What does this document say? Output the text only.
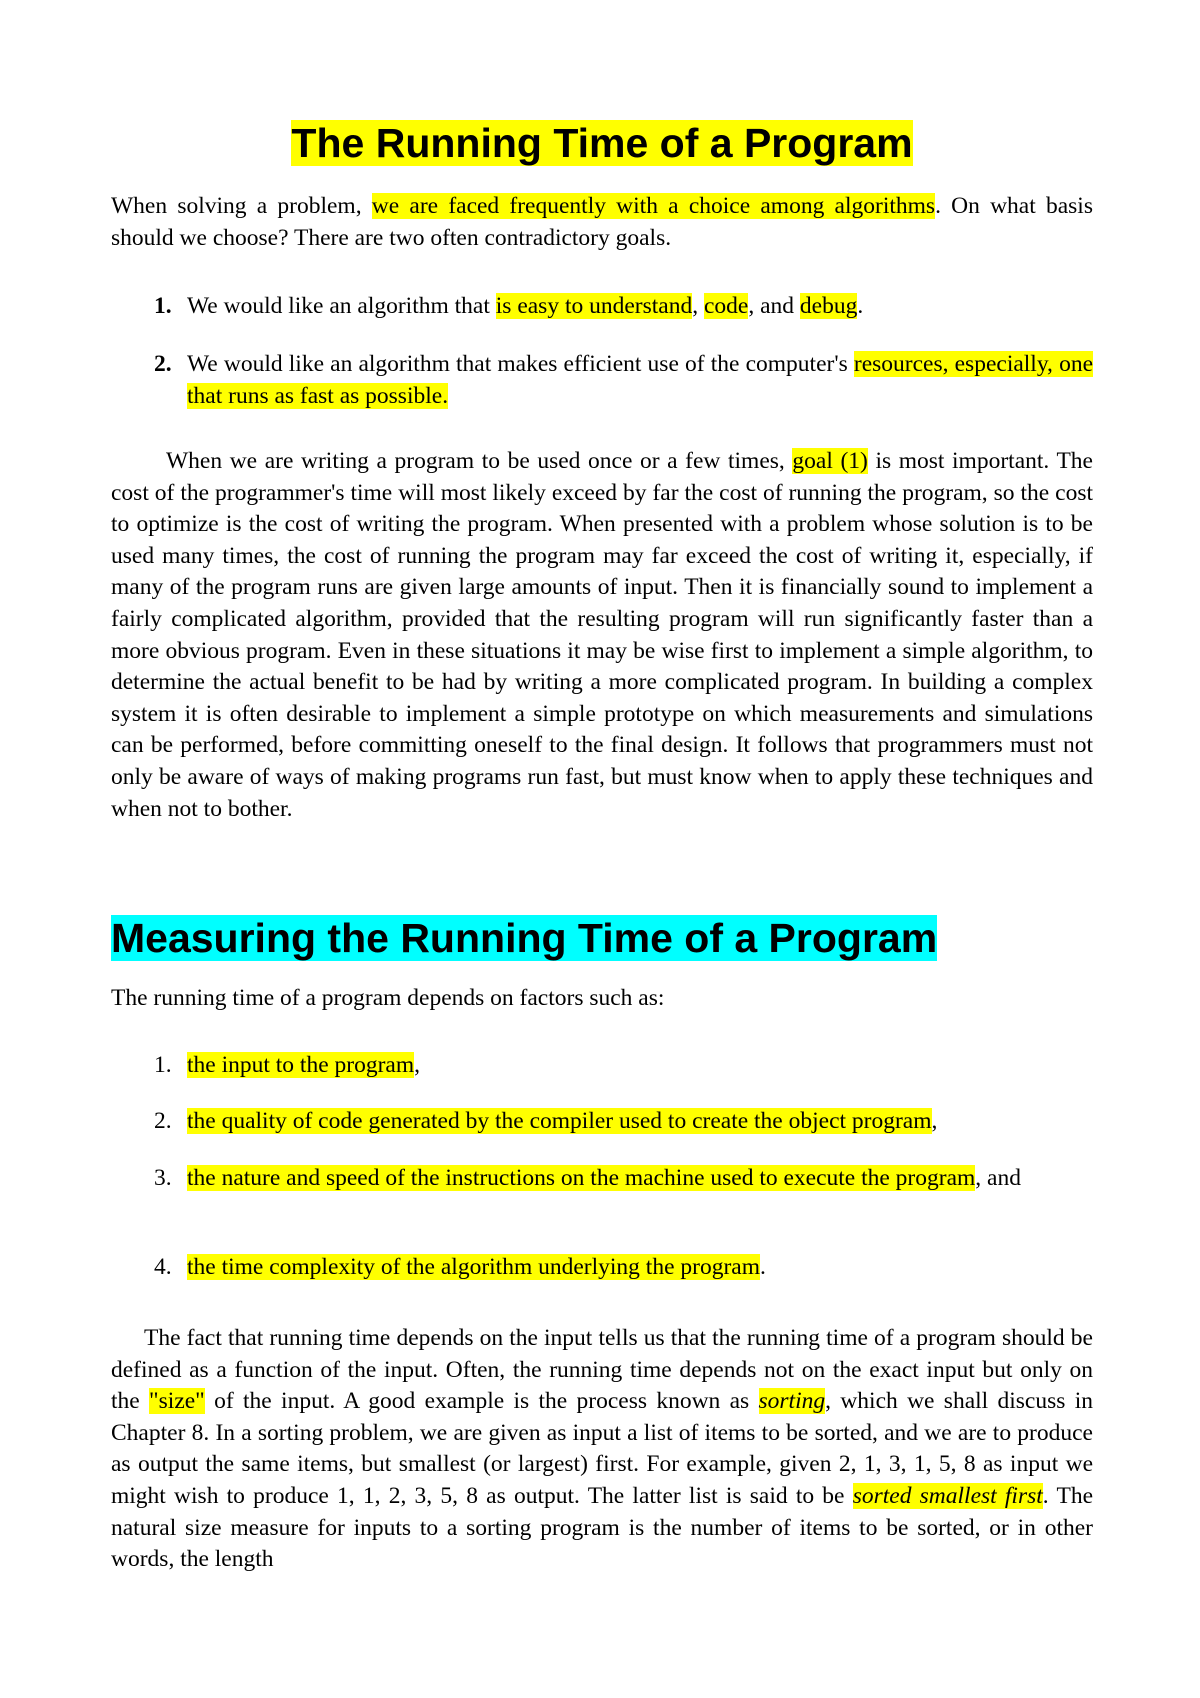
The Running Time of a Program

When solving a problem, we are faced frequently with a choice among algorithms. On what basis should we choose? There are two often contradictory goals.

1. We would like an algorithm that is easy to understand, code, and debug.
2. We would like an algorithm that makes efficient use of the computer's resources, especially, one that runs as fast as possible.

When we are writing a program to be used once or a few times, goal (1) is most important. The cost of the programmer's time will most likely exceed by far the cost of running the program, so the cost to optimize is the cost of writing the program. When presented with a problem whose solution is to be used many times, the cost of running the program may far exceed the cost of writing it, especially, if many of the program runs are given large amounts of input. Then it is financially sound to implement a fairly complicated algorithm, provided that the resulting program will run significantly faster than a more obvious program. Even in these situations it may be wise first to implement a simple algorithm, to determine the actual benefit to be had by writing a more complicated program. In building a complex system it is often desirable to implement a simple prototype on which measurements and simulations can be performed, before committing oneself to the final design. It follows that programmers must not only be aware of ways of making programs run fast, but must know when to apply these techniques and when not to bother.

Measuring the Running Time of a Program

The running time of a program depends on factors such as:

1. the input to the program,
2. the quality of code generated by the compiler used to create the object program,
3. the nature and speed of the instructions on the machine used to execute the program, and
4. the time complexity of the algorithm underlying the program.

The fact that running time depends on the input tells us that the running time of a program should be defined as a function of the input. Often, the running time depends not on the exact input but only on the "size" of the input. A good example is the process known as sorting, which we shall discuss in Chapter 8. In a sorting problem, we are given as input a list of items to be sorted, and we are to produce as output the same items, but smallest (or largest) first. For example, given 2, 1, 3, 1, 5, 8 as input we might wish to produce 1, 1, 2, 3, 5, 8 as output. The latter list is said to be sorted smallest first. The natural size measure for inputs to a sorting program is the number of items to be sorted, or in other words, the length
